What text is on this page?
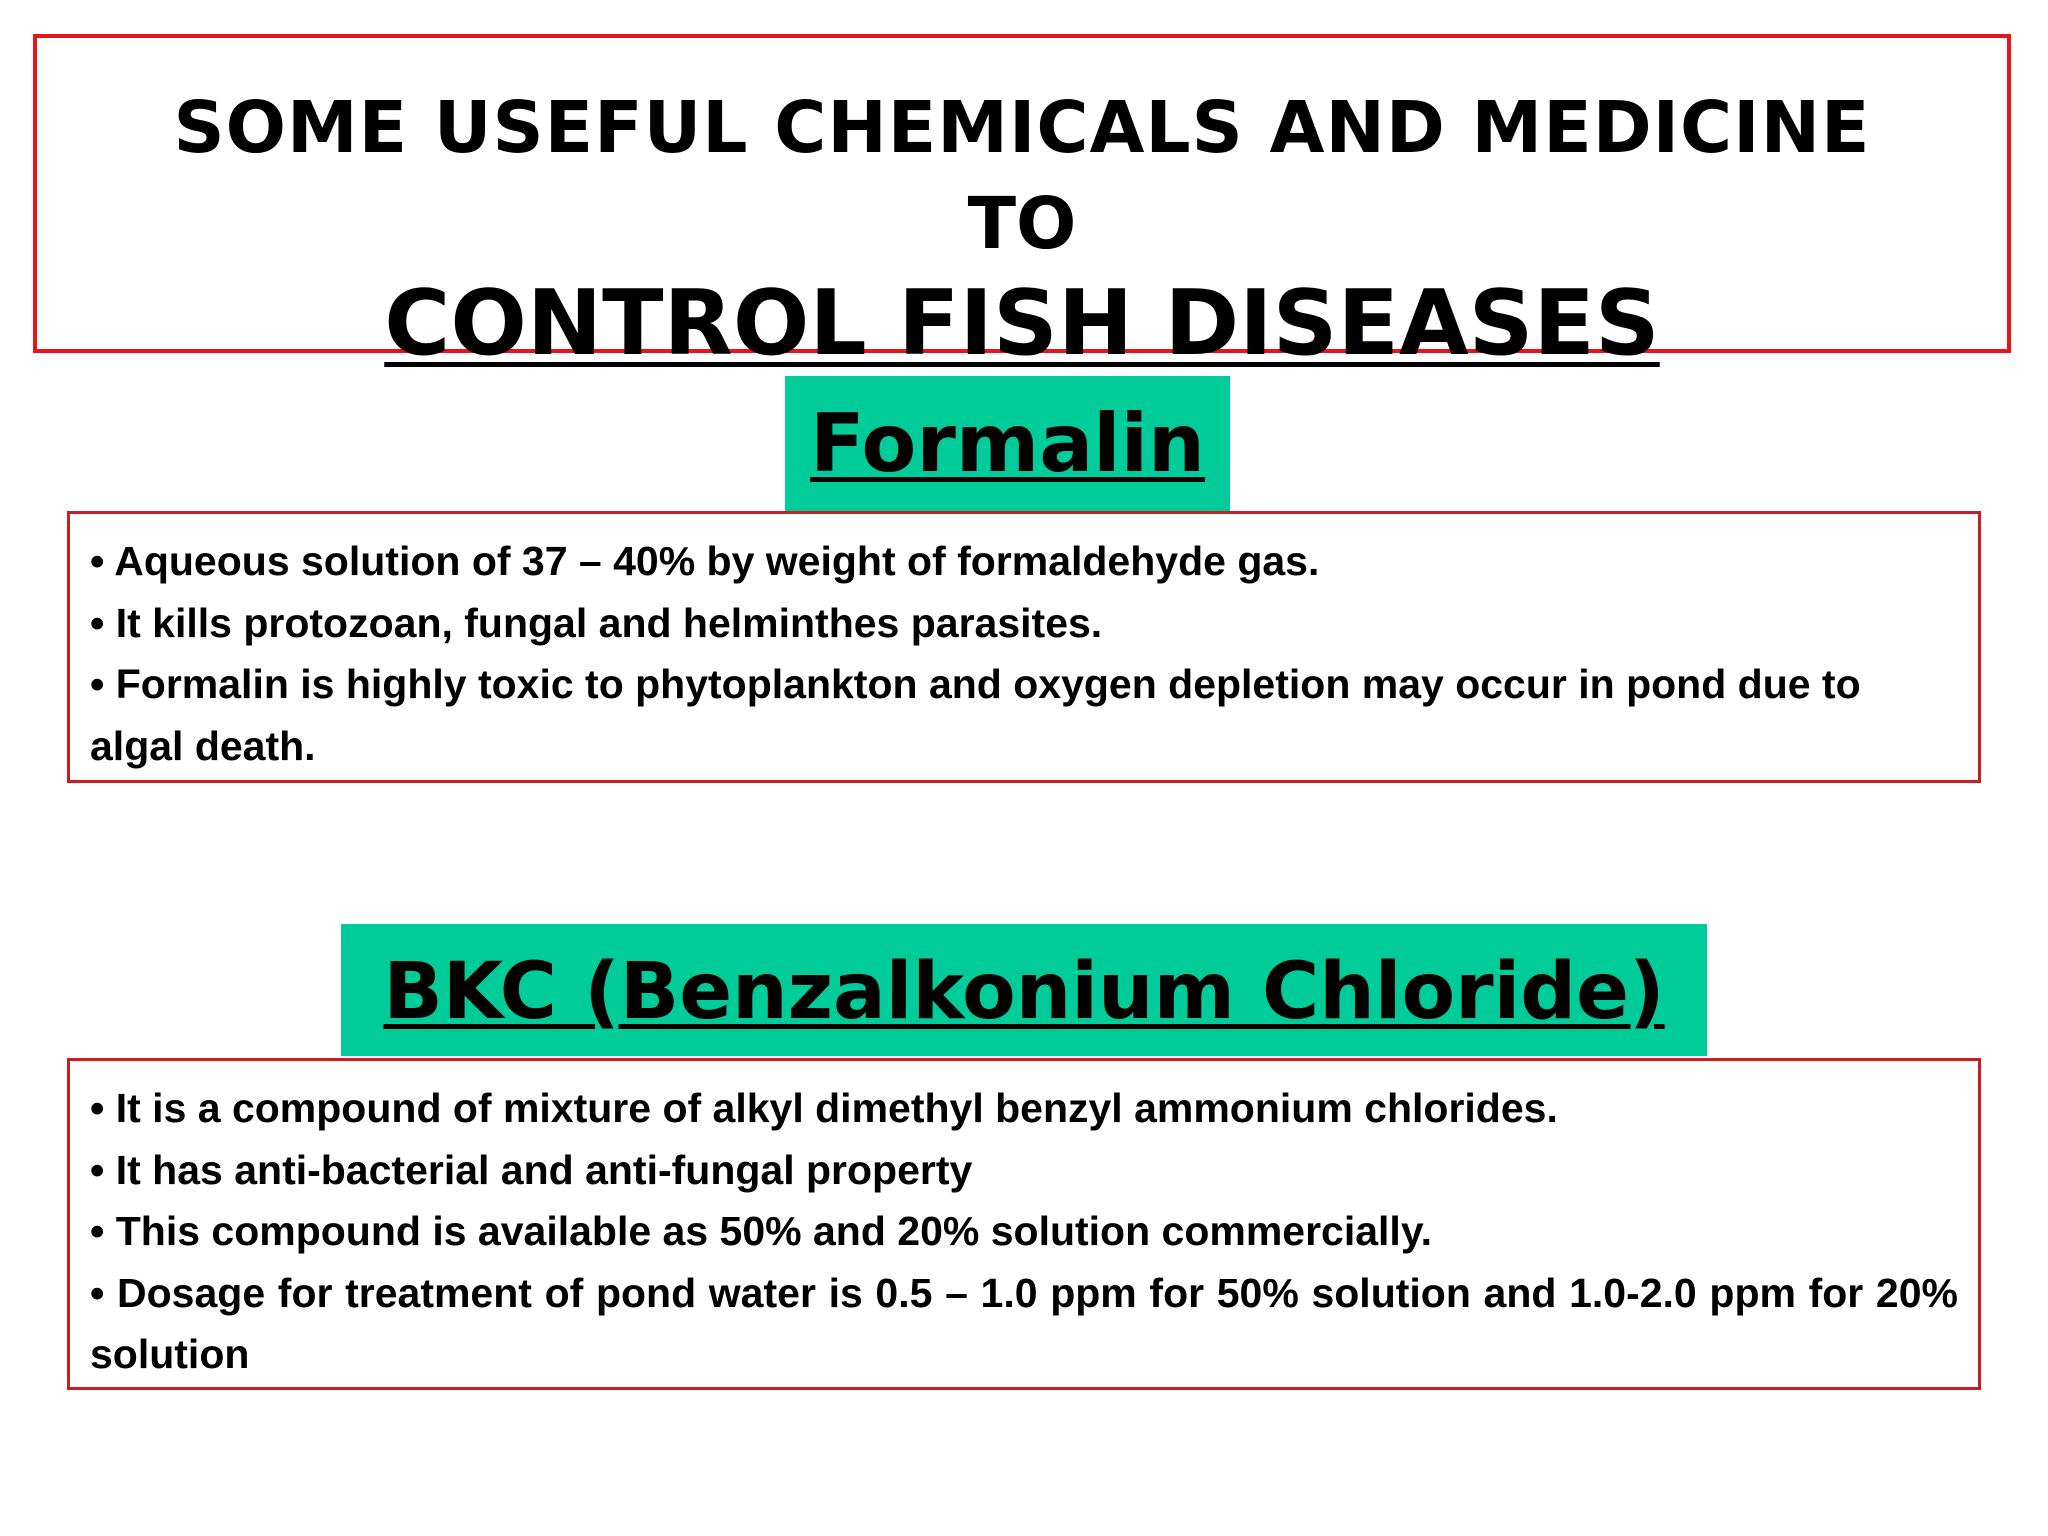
SOME USEFUL CHEMICALS AND MEDICINE
TO
CONTROL FISH DISEASES
Formalin

• Aqueous solution of 37 – 40% by weight of formaldehyde gas.

• It kills protozoan, fungal and helminthes parasites.

• Formalin is highly toxic to phytoplankton and oxygen depletion may occur in pond due to algal death.

BKC (Benzalkonium Chloride)

• It is a compound of mixture of alkyl dimethyl benzyl ammonium chlorides.

• It has anti-bacterial and anti-fungal property

• This compound is available as 50% and 20% solution commercially.

• Dosage for treatment of pond water is 0.5 – 1.0 ppm for 50% solution and 1.0-2.0 ppm for 20% solution
